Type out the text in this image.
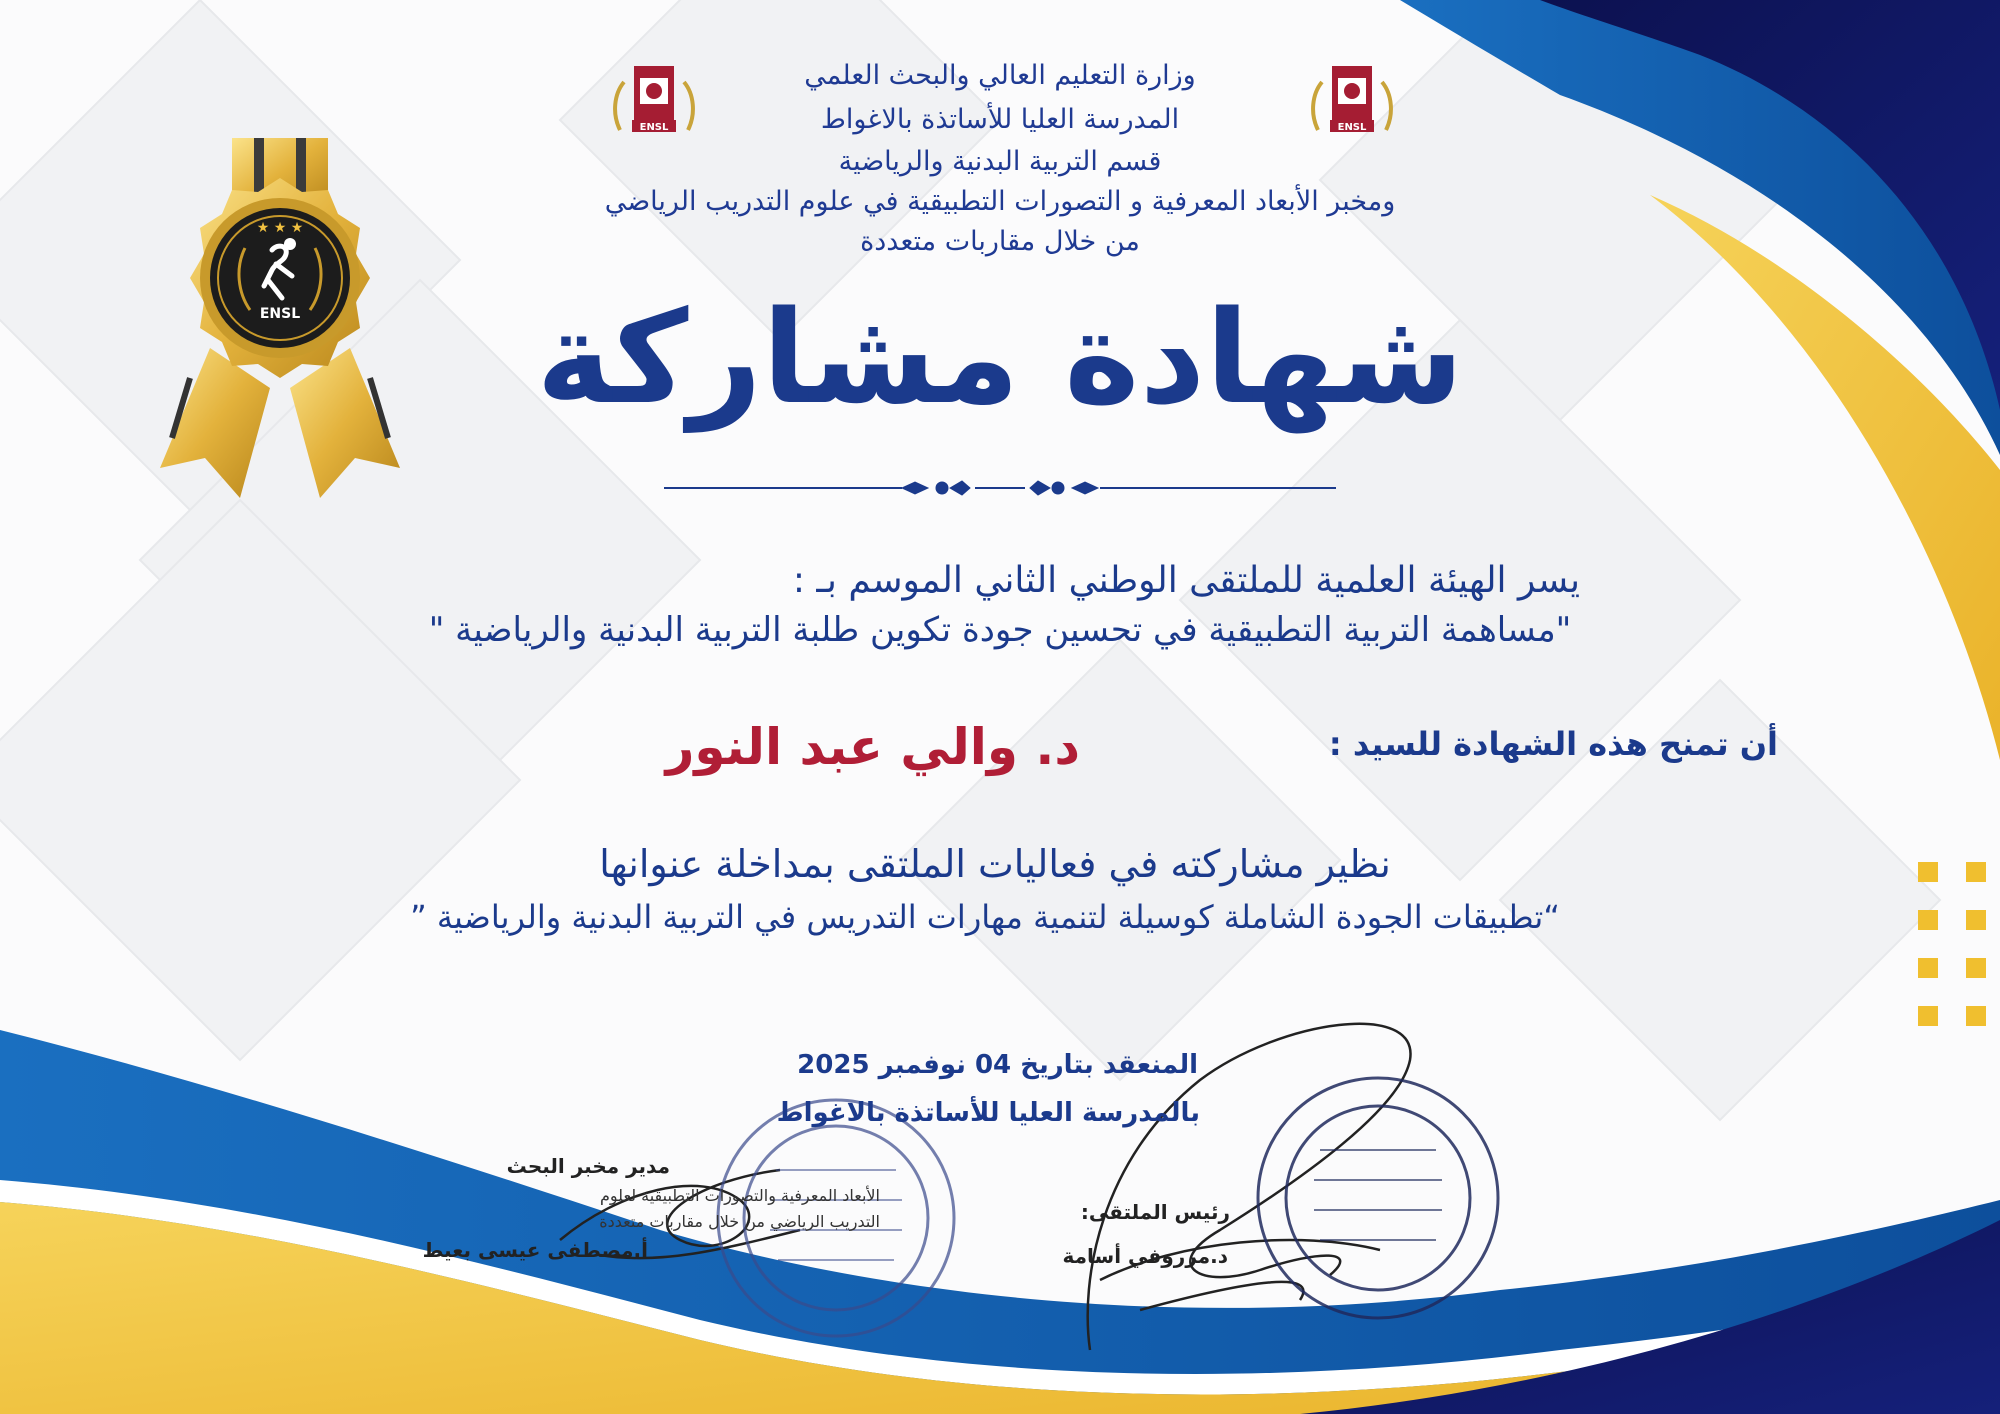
ENSL	ENSL
★ ★ ★
ENSL
وزارة التعليم العالي والبحث العلمي
المدرسة العليا للأساتذة بالاغواط
قسم التربية البدنية والرياضية
ومخبر الأبعاد المعرفية و التصورات التطبيقية في علوم التدريب الرياضي
من خلال مقاربات متعددة
شهادة مشاركة
يسر الهيئة العلمية للملتقى الوطني الثاني الموسم بـ :
"مساهمة التربية التطبيقية في تحسين جودة تكوين طلبة التربية البدنية والرياضية "
أن تمنح هذه الشهادة للسيد :
د. والي عبد النور
نظير مشاركته في فعاليات الملتقى بمداخلة عنوانها
“تطبيقات الجودة الشاملة كوسيلة لتنمية مهارات التدريس في التربية البدنية والرياضية ”
المنعقد بتاريخ 04 نوفمبر 2025
بالمدرسة العليا للأساتذة بالاغواط
مدير مخبر البحث
الأبعاد المعرفية والتصورات التطبيقية لعلوم
التدريب الرياضي من خلال مقاربات متعددة
أ.مصطفى عيسى بعيط
رئيس الملتقى:
د.مرروفي أسامة
